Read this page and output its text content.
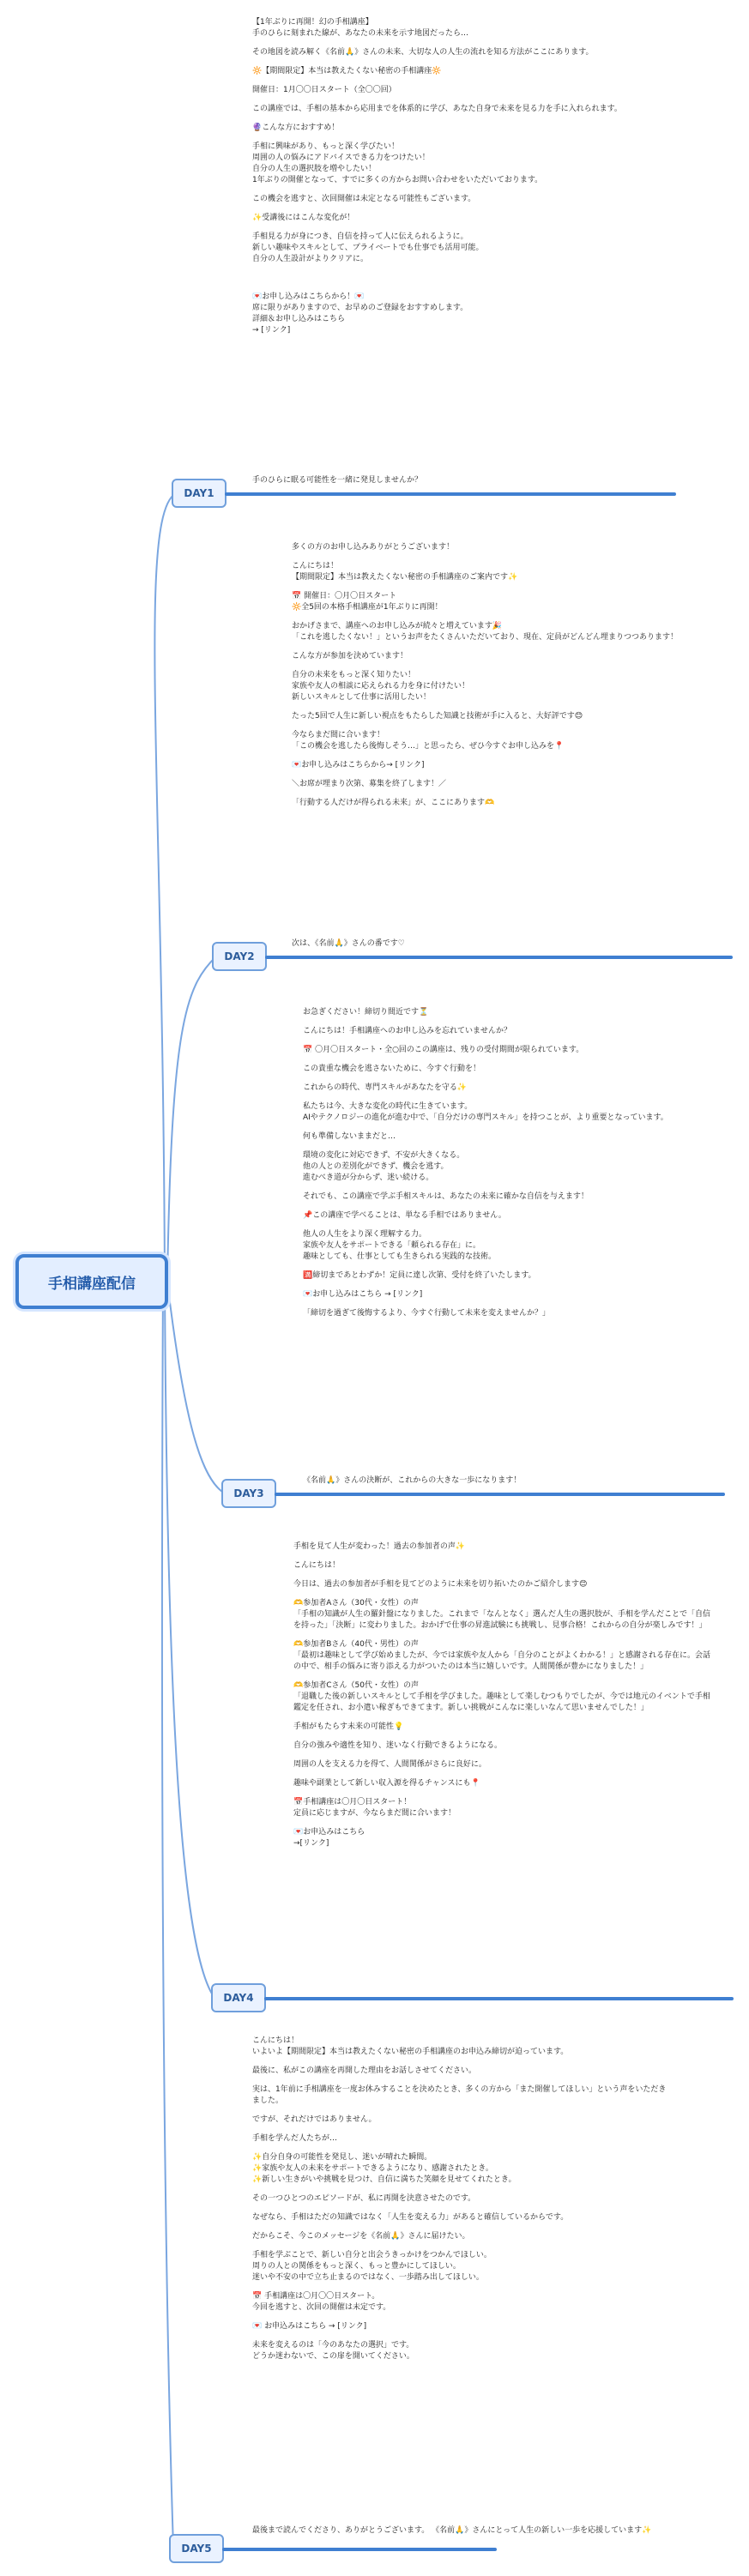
手相講座配信
DAY1

【1年ぶりに再開！幻の手相講座】
手のひらに刻まれた線が、あなたの未来を示す地図だったら…

その地図を読み解く《名前🙏》さんの未来、大切な人の人生の流れを知る方法がここにあります。

🔆【期間限定】本当は教えたくない秘密の手相講座🔆

開催日：1月〇〇日スタート（全〇〇回）

この講座では、手相の基本から応用までを体系的に学び、あなた自身で未来を見る力を手に入れられます。

🔮こんな方におすすめ！

手相に興味があり、もっと深く学びたい！
周囲の人の悩みにアドバイスできる力をつけたい！
自分の人生の選択肢を増やしたい！
1年ぶりの開催となって、すでに多くの方からお問い合わせをいただいております。

この機会を逃すと、次回開催は未定となる可能性もございます。

✨受講後にはこんな変化が！

手相見る力が身につき、自信を持って人に伝えられるように。
新しい趣味やスキルとして、プライベートでも仕事でも活用可能。
自分の人生設計がよりクリアに。

💌お申し込みはこちらから！💌
席に限りがありますので、お早めのご登録をおすすめします。
詳細＆お申し込みはこちら
→ [リンク]

手のひらに眠る可能性を一緒に発見しませんか？
DAY2

多くの方のお申し込みありがとうございます！

こんにちは！
【期間限定】本当は教えたくない秘密の手相講座のご案内です✨

📅 開催日：〇月〇日スタート
🔆全5回の本格手相講座が1年ぶりに再開！

おかげさまで、講座へのお申し込みが続々と増えています🎉
「これを逃したくない！」というお声をたくさんいただいており、現在、定員がどんどん埋まりつつあります！

こんな方が参加を決めています！

自分の未来をもっと深く知りたい！
家族や友人の相談に応えられる力を身に付けたい！
新しいスキルとして仕事に活用したい！

たった5回で人生に新しい視点をもたらした知識と技術が手に入ると、大好評です😊

今ならまだ間に合います！
「この機会を逃したら後悔しそう…」と思ったら、ぜひ今すぐお申し込みを📍

💌お申し込みはこちらから→ [リンク]

＼お席が埋まり次第、募集を終了します！／

「行動する人だけが得られる未来」が、ここにあります🫶

次は、《名前🙏》さんの番です♡
DAY3

お急ぎください！締切り間近です⏳

こんにちは！手相講座へのお申し込みを忘れていませんか？

📅 〇月〇日スタート・全○回のこの講座は、残りの受付期間が限られています。

この貴重な機会を逃さないために、今すぐ行動を！

これからの時代、専門スキルがあなたを守る✨

私たちは今、大きな変化の時代に生きています。
AIやテクノロジーの進化が進む中で、「自分だけの専門スキル」を持つことが、より重要となっています。

何も準備しないままだと…

環境の変化に対応できず、不安が大きくなる。
他の人との差別化ができず、機会を逃す。
進むべき道が分からず、迷い続ける。

それでも、この講座で学ぶ手相スキルは、あなたの未来に確かな自信を与えます！

📌この講座で学べることは、単なる手相ではありません。

他人の人生をより深く理解する力。
家族や友人をサポートできる「頼られる存在」に。
趣味としても、仕事としても生きられる実践的な技術。

🈵締切まであとわずか！定員に達し次第、受付を終了いたします。

💌お申し込みはこちら → [リンク]

「締切を過ぎて後悔するより、今すぐ行動して未来を変えませんか？」

《名前🙏》さんの決断が、これからの大きな一歩になります！
DAY4

手相を見て人生が変わった！過去の参加者の声✨

こんにちは！

今日は、過去の参加者が手相を見てどのように未来を切り拓いたのかご紹介します😊

🫶参加者Aさん（30代・女性）の声
「手相の知識が人生の羅針盤になりました。これまで「なんとなく」選んだ人生の選択肢が、手相を学んだことで「自信を持った」「決断」に変わりました。おかげで仕事の昇進試験にも挑戦し、見事合格！これからの自分が楽しみです！」

🫶参加者Bさん（40代・男性）の声
「最初は趣味として学び始めましたが、今では家族や友人から「自分のことがよくわかる！」と感謝される存在に。会話の中で、相手の悩みに寄り添える力がついたのは本当に嬉しいです。人間関係が豊かになりました！」

🫶参加者Cさん（50代・女性）の声
「退職した後の新しいスキルとして手相を学びました。趣味として楽しむつもりでしたが、今では地元のイベントで手相鑑定を任され、お小遣い稼ぎもできてます。新しい挑戦がこんなに楽しいなんて思いませんでした！」

手相がもたらす未来の可能性💡

自分の強みや適性を知り、迷いなく行動できるようになる。

周囲の人を支える力を得て、人間関係がさらに良好に。

趣味や副業として新しい収入源を得るチャンスにも📍

📅手相講座は〇月〇日スタート！
定員に応じますが、今ならまだ間に合います！

💌お申込みはこちら
→[リンク]

DAY5

こんにちは！
いよいよ【期間限定】本当は教えたくない秘密の手相講座のお申込み締切が迫っています。

最後に、私がこの講座を再開した理由をお話しさせてください。

実は、1年前に手相講座を一度お休みすることを決めたとき、多くの方から「また開催してほしい」という声をいただきました。

ですが、それだけではありません。

手相を学んだ人たちが…

✨自分自身の可能性を発見し、迷いが晴れた瞬間。
✨家族や友人の未来をサポートできるようになり、感謝されたとき。
✨新しい生きがいや挑戦を見つけ、自信に満ちた笑顔を見せてくれたとき。

その一つひとつのエピソードが、私に再開を決意させたのです。

なぜなら、手相はただの知識ではなく「人生を変える力」があると確信しているからです。

だからこそ、今このメッセージを《名前🙏》さんに届けたい。

手相を学ぶことで、新しい自分と出会うきっかけをつかんでほしい。
周りの人との関係をもっと深く、もっと豊かにしてほしい。
迷いや不安の中で立ち止まるのではなく、一歩踏み出してほしい。

📅 手相講座は〇月〇〇日スタート。
今回を逃すと、次回の開催は未定です。

💌 お申込みはこちら → [リンク]

未来を変えるのは「今のあなたの選択」です。
どうか迷わないで、この扉を開いてください。

最後まで読んでくださり、ありがとうございます。 《名前🙏》さんにとって人生の新しい一歩を応援しています✨
